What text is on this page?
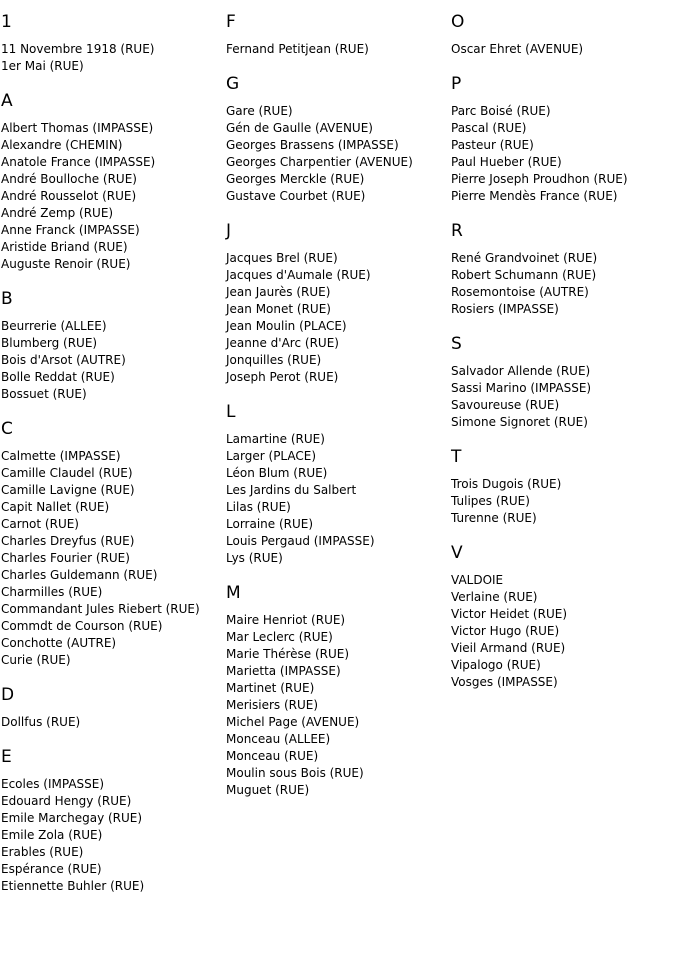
1
11 Novembre 1918 (RUE)
1er Mai (RUE)
A
Albert Thomas (IMPASSE)
Alexandre (CHEMIN)
Anatole France (IMPASSE)
André Boulloche (RUE)
André Rousselot (RUE)
André Zemp (RUE)
Anne Franck (IMPASSE)
Aristide Briand (RUE)
Auguste Renoir (RUE)
B
Beurrerie (ALLEE)
Blumberg (RUE)
Bois d'Arsot (AUTRE)
Bolle Reddat (RUE)
Bossuet (RUE)
C
Calmette (IMPASSE)
Camille Claudel (RUE)
Camille Lavigne (RUE)
Capit Nallet (RUE)
Carnot (RUE)
Charles Dreyfus (RUE)
Charles Fourier (RUE)
Charles Guldemann (RUE)
Charmilles (RUE)
Commandant Jules Riebert (RUE)
Commdt de Courson (RUE)
Conchotte (AUTRE)
Curie (RUE)
D
Dollfus (RUE)
E
Ecoles (IMPASSE)
Edouard Hengy (RUE)
Emile Marchegay (RUE)
Emile Zola (RUE)
Erables (RUE)
Espérance (RUE)
Etiennette Buhler (RUE)
F
Fernand Petitjean (RUE)
G
Gare (RUE)
Gén de Gaulle (AVENUE)
Georges Brassens (IMPASSE)
Georges Charpentier (AVENUE)
Georges Merckle (RUE)
Gustave Courbet (RUE)
J
Jacques Brel (RUE)
Jacques d'Aumale (RUE)
Jean Jaurès (RUE)
Jean Monet (RUE)
Jean Moulin (PLACE)
Jeanne d'Arc (RUE)
Jonquilles (RUE)
Joseph Perot (RUE)
L
Lamartine (RUE)
Larger (PLACE)
Léon Blum (RUE)
Les Jardins du Salbert
Lilas (RUE)
Lorraine (RUE)
Louis Pergaud (IMPASSE)
Lys (RUE)
M
Maire Henriot (RUE)
Mar Leclerc (RUE)
Marie Thérèse (RUE)
Marietta (IMPASSE)
Martinet (RUE)
Merisiers (RUE)
Michel Page (AVENUE)
Monceau (ALLEE)
Monceau (RUE)
Moulin sous Bois (RUE)
Muguet (RUE)
O
Oscar Ehret (AVENUE)
P
Parc Boisé (RUE)
Pascal (RUE)
Pasteur (RUE)
Paul Hueber (RUE)
Pierre Joseph Proudhon (RUE)
Pierre Mendès France (RUE)
R
René Grandvoinet (RUE)
Robert Schumann (RUE)
Rosemontoise (AUTRE)
Rosiers (IMPASSE)
S
Salvador Allende (RUE)
Sassi Marino (IMPASSE)
Savoureuse (RUE)
Simone Signoret (RUE)
T
Trois Dugois (RUE)
Tulipes (RUE)
Turenne (RUE)
V
VALDOIE
Verlaine (RUE)
Victor Heidet (RUE)
Victor Hugo (RUE)
Vieil Armand (RUE)
Vipalogo (RUE)
Vosges (IMPASSE)
